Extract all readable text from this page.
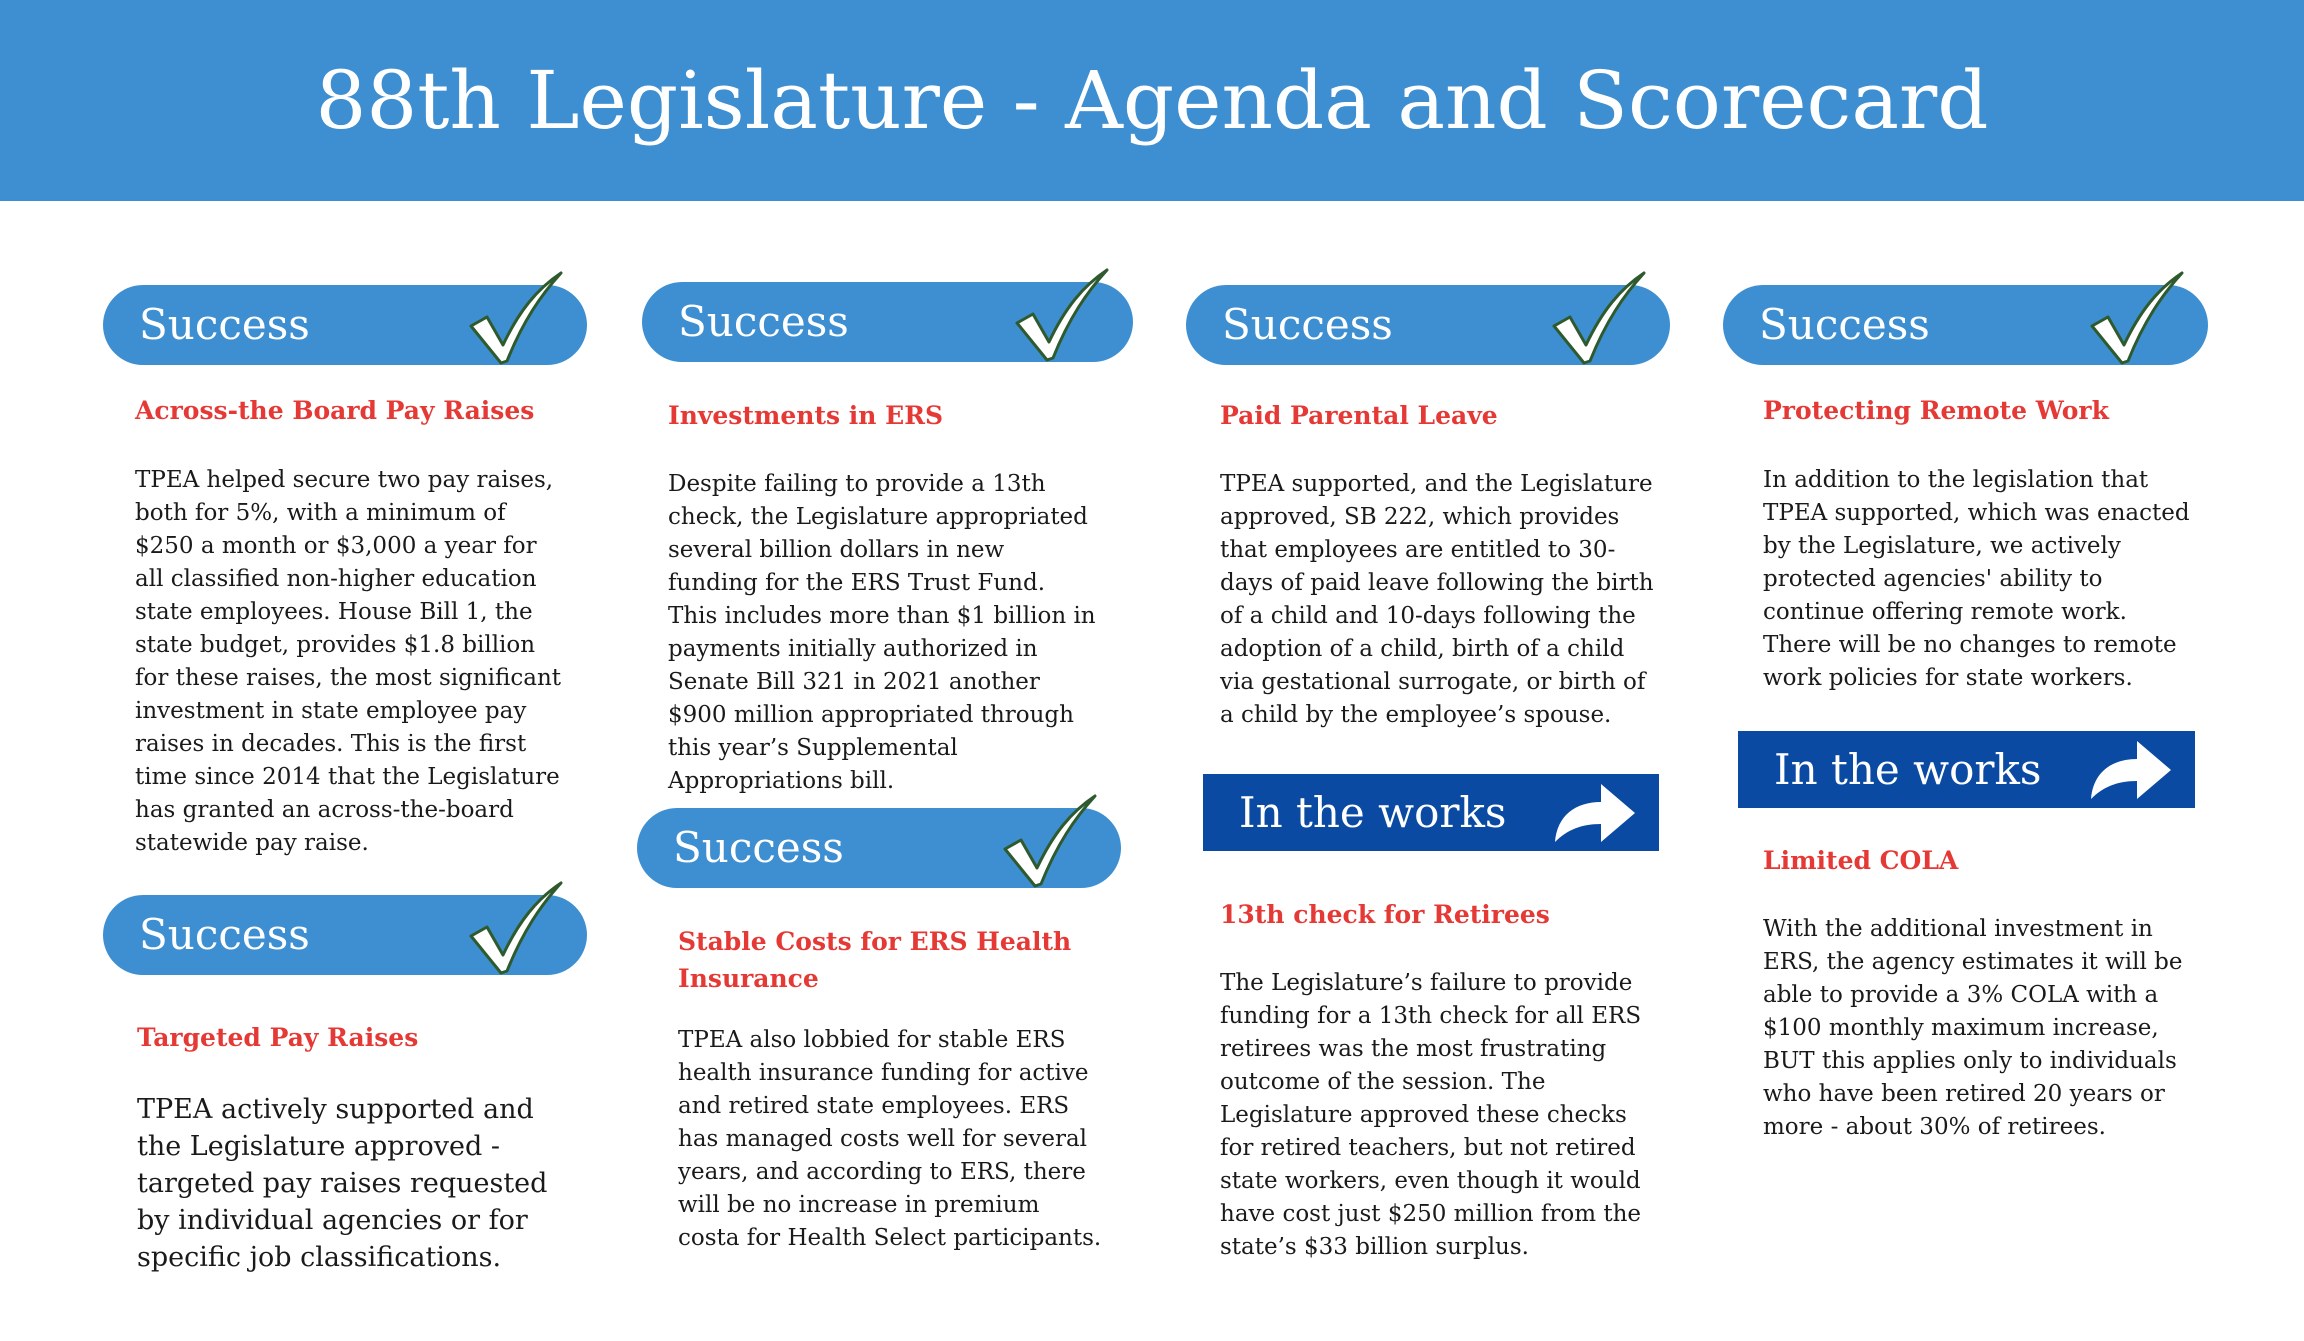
88th Legislature - Agenda and Scorecard
Success
Across-the Board Pay Raises

TPEA helped secure two pay raises, both for 5%, with a minimum of $250 a month or $3,000 a year for all classified non-higher education state employees. House Bill 1, the state budget, provides $1.8 billion for these raises, the most significant investment in state employee pay raises in decades. This is the first time since 2014 that the Legislature has granted an across-the-board statewide pay raise.

Success
Targeted Pay Raises

TPEA actively supported and the Legislature approved - targeted pay raises requested by individual agencies or for specific job classifications.

Success
Investments in ERS

Despite failing to provide a 13th check, the Legislature appropriated several billion dollars in new funding for the ERS Trust Fund. This includes more than $1 billion in payments initially authorized in Senate Bill 321 in 2021 another $900 million appropriated through this year’s Supplemental Appropriations bill.

Success
Stable Costs for ERS Health Insurance

TPEA also lobbied for stable ERS health insurance funding for active and retired state employees. ERS has managed costs well for several years, and according to ERS, there will be no increase in premium costa for Health Select participants.

Success
Paid Parental Leave

TPEA supported, and the Legislature approved, SB 222, which provides that employees are entitled to 30-days of paid leave following the birth of a child and 10-days following the adoption of a child, birth of a child via gestational surrogate, or birth of a child by the employee’s spouse.

In the works
13th check for Retirees

The Legislature’s failure to provide funding for a 13th check for all ERS retirees was the most frustrating outcome of the session. The Legislature approved these checks for retired teachers, but not retired state workers, even though it would have cost just $250 million from the state’s $33 billion surplus.

Success
Protecting Remote Work

In addition to the legislation that TPEA supported, which was enacted by the Legislature, we actively protected agencies' ability to continue offering remote work. There will be no changes to remote work policies for state workers.

In the works
Limited COLA

With the additional investment in ERS, the agency estimates it will be able to provide a 3% COLA with a $100 monthly maximum increase, BUT this applies only to individuals who have been retired 20 years or more - about 30% of retirees.
